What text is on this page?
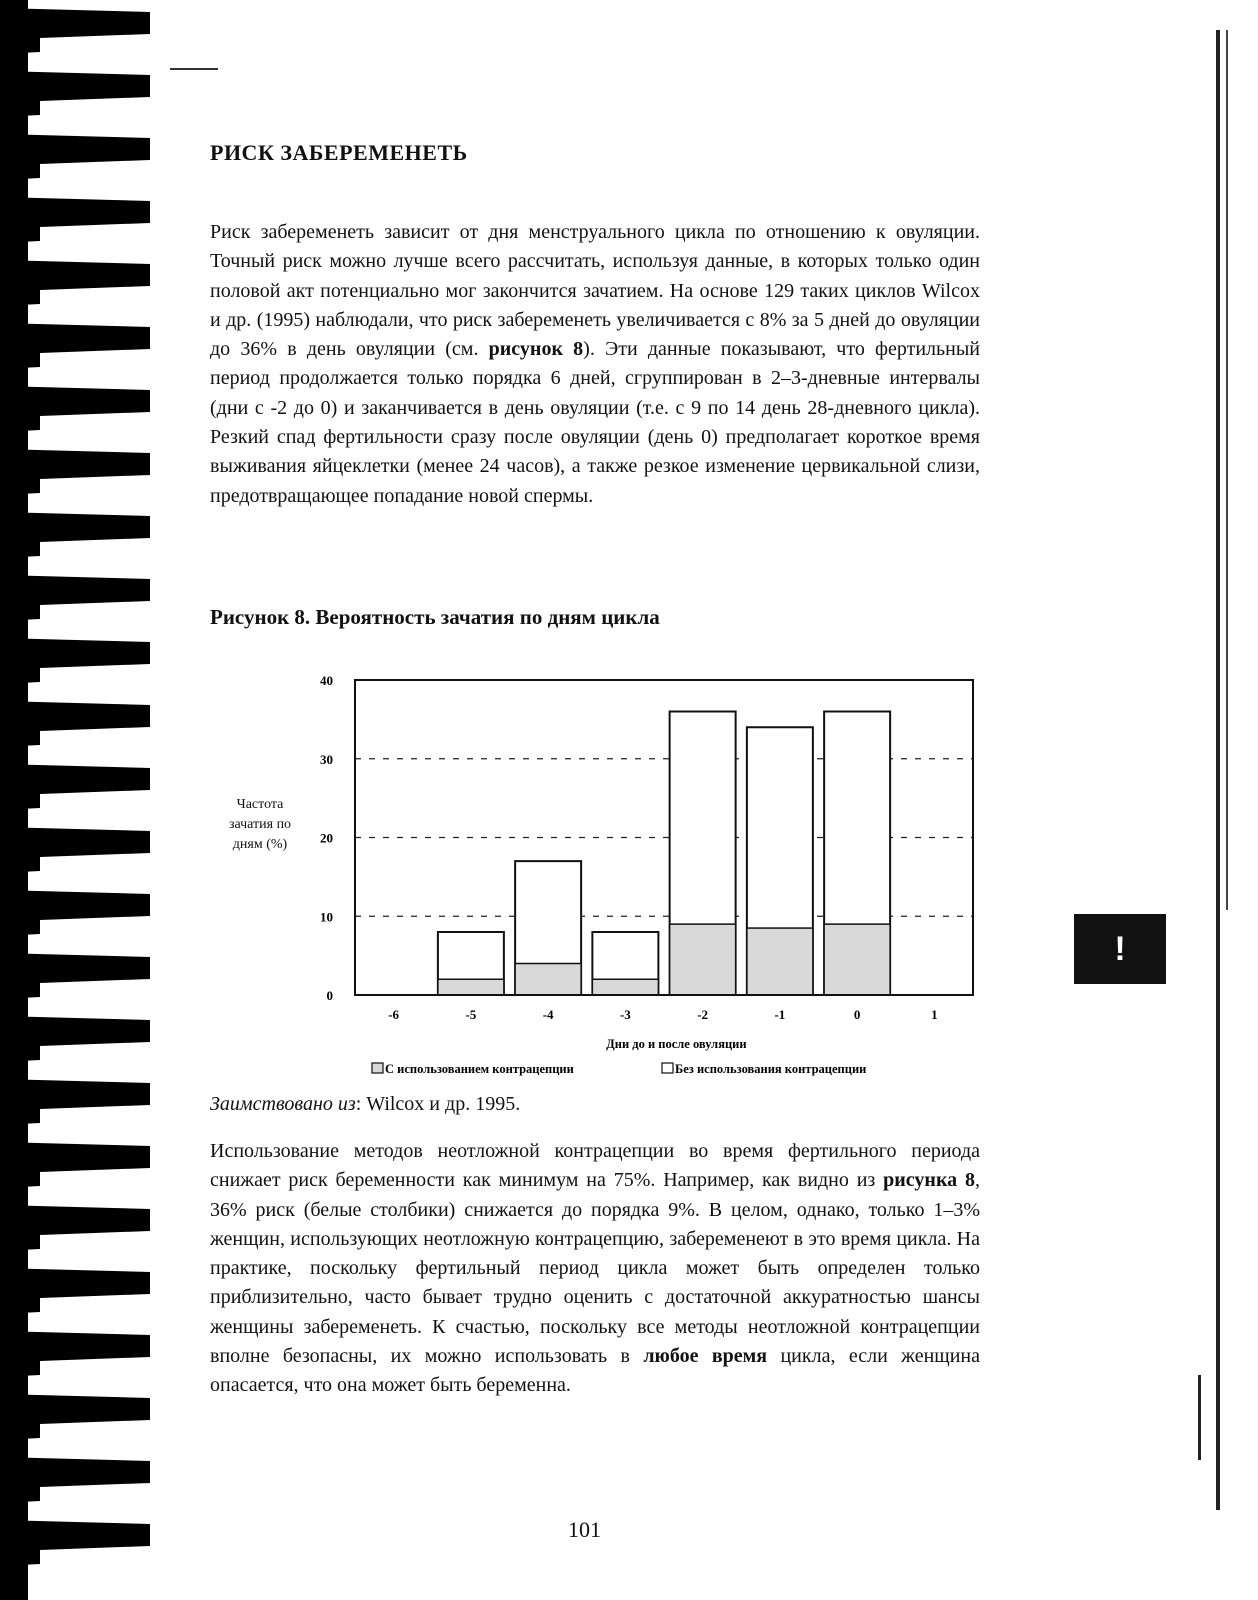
РИСК ЗАБЕРЕМЕНЕТЬ

Риск забеременеть зависит от дня менструального цикла по отношению к овуляции. Точный риск можно лучше всего рассчитать, используя данные, в которых только один половой акт потенциально мог закончится зачатием. На основе 129 таких циклов Wilcox и др. (1995) наблюдали, что риск забеременеть увеличивается с 8% за 5 дней до овуляции до 36% в день овуляции (см. рисунок 8). Эти данные показывают, что фертильный период продолжается только порядка 6 дней, сгруппирован в 2–3-дневные интервалы (дни с -2 до 0) и заканчивается в день овуляции (т.е. с 9 по 14 день 28-дневного цикла). Резкий спад фертильности сразу после овуляции (день 0) предполагает короткое время выживания яйцеклетки (менее 24 часов), а также резкое изменение цервикальной слизи, предотвращающее попадание новой спермы.

Рисунок 8. Вероятность зачатия по дням цикла
Частота
зачатия по
дням (%)
0
10
20
30
40
-6	-5	-4	-3	-2	-1	0	1
Дни до и после овуляции
С использованием контрацепции	Без использования контрацепции
Заимствовано из: Wilcox и др. 1995.

Использование методов неотложной контрацепции во время фертильного периода снижает риск беременности как минимум на 75%. Например, как видно из рисунка 8, 36% риск (белые столбики) снижается до порядка 9%. В целом, однако, только 1–3% женщин, использующих неотложную контрацепцию, забеременеют в это время цикла. На практике, поскольку фертильный период цикла может быть определен только приблизительно, часто бывает трудно оценить с достаточной аккуратностью шансы женщины забеременеть. К счастью, поскольку все методы неотложной контрацепции вполне безопасны, их можно использовать в любое время цикла, если женщина опасается, что она может быть беременна.

!
101
